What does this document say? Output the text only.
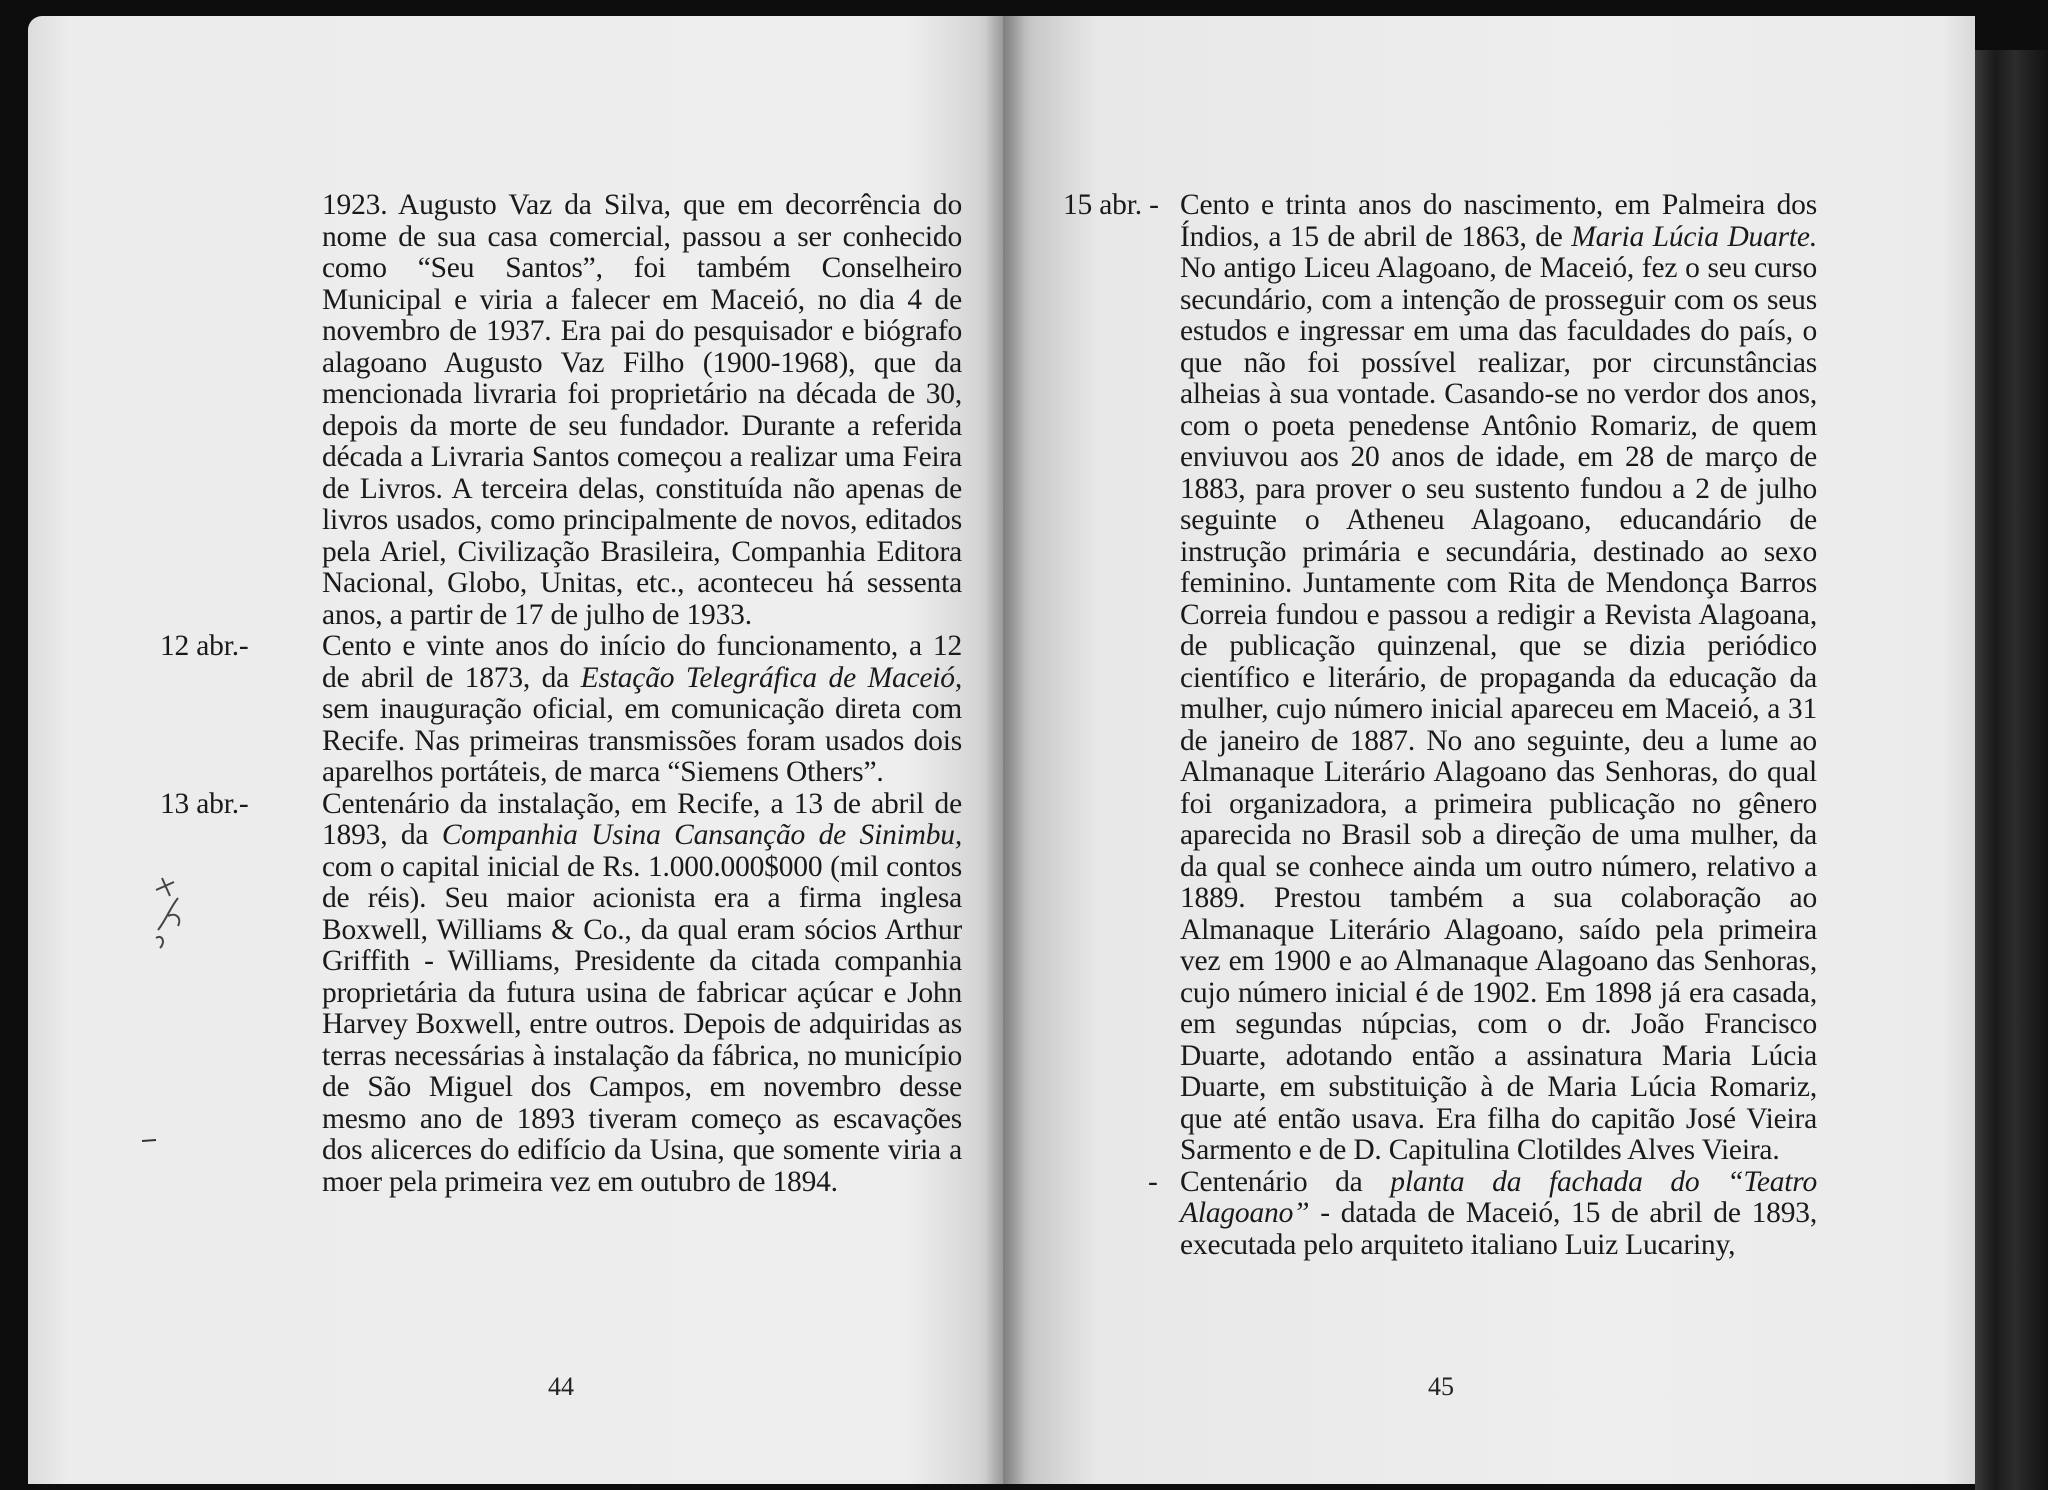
1923. Augusto Vaz da Silva, que em decorrência do nome de sua casa comercial, passou a ser conhecido como “Seu Santos”, foi também Conselheiro Municipal e viria a falecer em Maceió, no dia 4 de novembro de 1937. Era pai do pesquisador e biógrafo alagoano Augusto Vaz Filho (1900-1968), que da mencionada livraria foi proprietário na década de 30, depois da morte de seu fundador. Durante a referida década a Livraria Santos começou a realizar uma Feira de Livros. A terceira delas, constituída não apenas de livros usados, como principalmente de novos, editados pela Ariel, Civilização Brasileira, Companhia Editora Nacional, Globo, Unitas, etc., aconteceu há sessenta anos, a partir de 17 de julho de 1933.

12 abr.- Cento e vinte anos do início do funcionamento, a 12 de abril de 1873, da Estação Telegráfica de Maceió, sem inauguração oficial, em comunicação direta com Recife. Nas primeiras transmissões foram usados dois aparelhos portáteis, de marca “Siemens Others”.

13 abr.- Centenário da instalação, em Recife, a 13 de abril de 1893, da Companhia Usina Cansanção de Sinimbu, com o capital inicial de Rs. 1.000.000$000 (mil contos de réis). Seu maior acionista era a firma inglesa Boxwell, Williams & Co., da qual eram sócios Arthur Griffith - Williams, Presidente da citada companhia proprietária da futura usina de fabricar açúcar e John Harvey Boxwell, entre outros. Depois de adquiridas as terras necessárias à instalação da fábrica, no município de São Miguel dos Campos, em novembro desse mesmo ano de 1893 tiveram começo as escavações dos alicerces do edifício da Usina, que somente viria a moer pela primeira vez em outubro de 1894.

44
15 abr. - Cento e trinta anos do nascimento, em Palmeira dos Índios, a 15 de abril de 1863, de Maria Lúcia Duarte. No antigo Liceu Alagoano, de Maceió, fez o seu curso secundário, com a intenção de prosseguir com os seus estudos e ingressar em uma das faculdades do país, o que não foi possível realizar, por circunstâncias alheias à sua vontade. Casando-se no verdor dos anos, com o poeta penedense Antônio Romariz, de quem enviuvou aos 20 anos de idade, em 28 de março de 1883, para prover o seu sustento fundou a 2 de julho seguinte o Atheneu Alagoano, educandário de instrução primária e secundária, destinado ao sexo feminino. Juntamente com Rita de Mendonça Barros Correia fundou e passou a redigir a Revista Alagoana, de publicação quinzenal, que se dizia periódico científico e literário, de propaganda da educação da mulher, cujo número inicial apareceu em Maceió, a 31 de janeiro de 1887. No ano seguinte, deu a lume ao Almanaque Literário Alagoano das Senhoras, do qual foi organizadora, a primeira publicação no gênero aparecida no Brasil sob a direção de uma mulher, da da qual se conhece ainda um outro número, relativo a 1889. Prestou também a sua colaboração ao Almanaque Literário Alagoano, saído pela primeira vez em 1900 e ao Almanaque Alagoano das Senhoras, cujo número inicial é de 1902. Em 1898 já era casada, em segundas núpcias, com o dr. João Francisco Duarte, adotando então a assinatura Maria Lúcia Duarte, em substituição à de Maria Lúcia Romariz, que até então usava. Era filha do capitão José Vieira Sarmento e de D. Capitulina Clotildes Alves Vieira.

- Centenário da planta da fachada do “Teatro Alagoano” - datada de Maceió, 15 de abril de 1893, executada pelo arquiteto italiano Luiz Lucariny,

45
